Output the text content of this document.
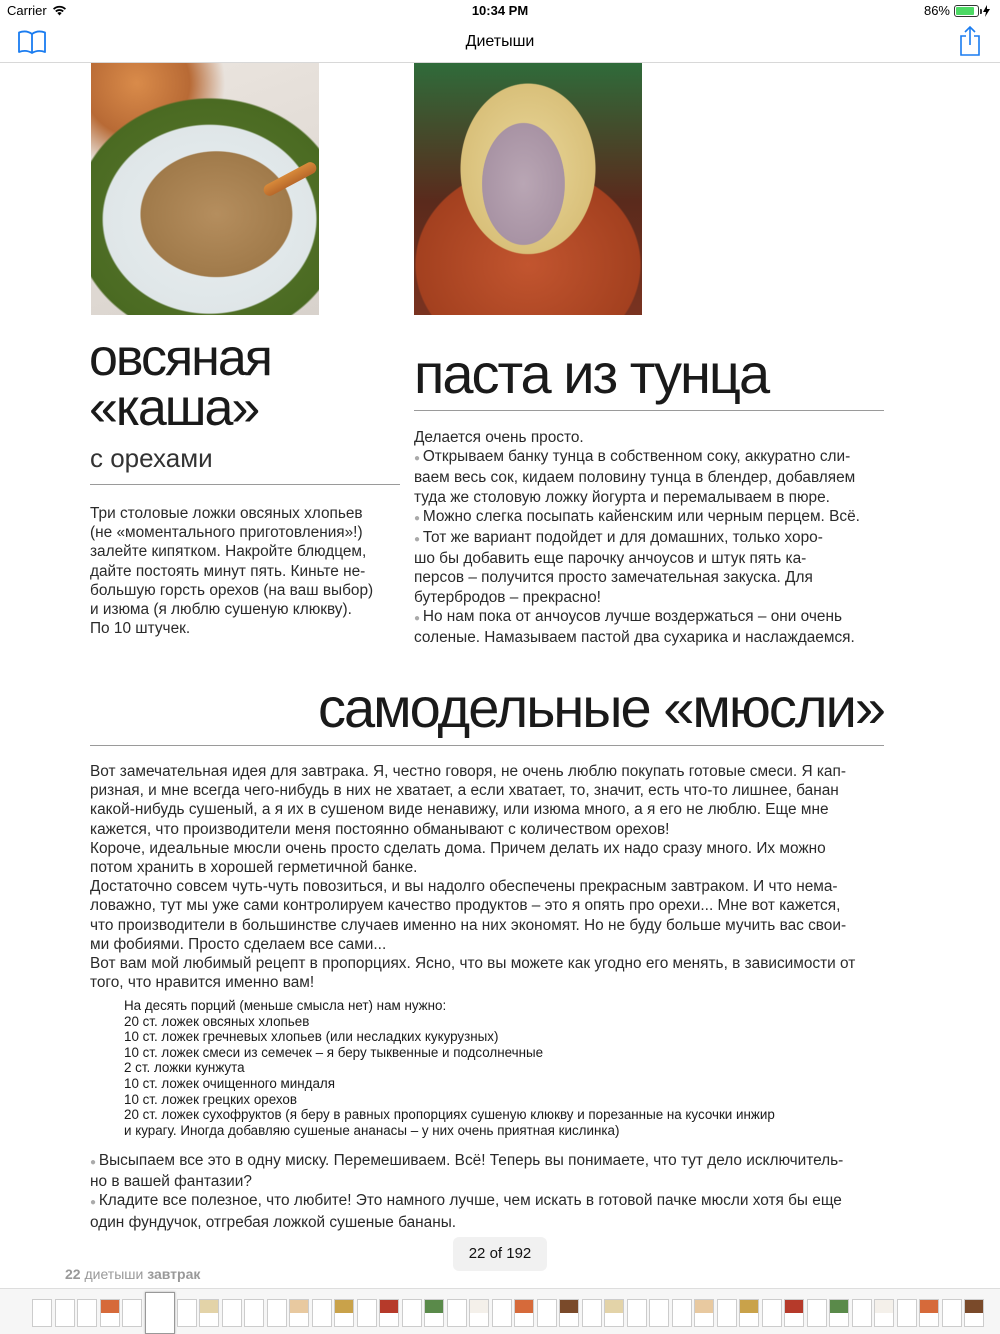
Carrier	10:34 PM	86%
Диетыши
овсяная
«каша»
с орехами

Три столовые ложки овсяных хлопьев

(не «моментального приготовления»!)

залейте кипятком. Накройте блюдцем,

дайте постоять минут пять. Киньте не-

большую горсть орехов (на ваш выбор)

и изюма (я люблю сушеную клюкву).

По 10 штучек.

паста из тунца

Делается очень просто.

● Открываем банку тунца в собственном соку, аккуратно сли-

ваем весь сок, кидаем половину тунца в блендер, добавляем

туда же столовую ложку йогурта и перемалываем в пюре.

● Можно слегка посыпать кайенским или черным перцем. Всё.

● Тот же вариант подойдет и для домашних, только хоро-

шо бы добавить еще парочку анчоусов и штук пять ка-

персов – получится просто замечательная закуска. Для

бутербродов – прекрасно!

● Но нам пока от анчоусов лучше воздержаться – они очень

соленые. Намазываем пастой два сухарика и наслаждаемся.

самодельные «мюсли»

Вот замечательная идея для завтрака. Я, честно говоря, не очень люблю покупать готовые смеси. Я кап-

ризная, и мне всегда чего-нибудь в них не хватает, а если хватает, то, значит, есть что-то лишнее, банан

какой-нибудь сушеный, а я их в сушеном виде ненавижу, или изюма много, а я его не люблю. Еще мне

кажется, что производители меня постоянно обманывают с количеством орехов!

Короче, идеальные мюсли очень просто сделать дома. Причем делать их надо сразу много. Их можно

потом хранить в хорошей герметичной банке.

Достаточно совсем чуть-чуть повозиться, и вы надолго обеспечены прекрасным завтраком. И что нема-

ловажно, тут мы уже сами контролируем качество продуктов – это я опять про орехи... Мне вот кажется,

что производители в большинстве случаев именно на них экономят. Но не буду больше мучить вас свои-

ми фобиями. Просто сделаем все сами...

Вот вам мой любимый рецепт в пропорциях. Ясно, что вы можете как угодно его менять, в зависимости от

того, что нравится именно вам!

На десять порций (меньше смысла нет) нам нужно:

20 ст. ложек овсяных хлопьев

10 ст. ложек гречневых хлопьев (или несладких кукурузных)

10 ст. ложек смеси из семечек – я беру тыквенные и подсолнечные

2 ст. ложки кунжута

10 ст. ложек очищенного миндаля

10 ст. ложек грецких орехов

20 ст. ложек сухофруктов (я беру в равных пропорциях сушеную клюкву и порезанные на кусочки инжир

и курагу. Иногда добавляю сушеные ананасы – у них очень приятная кислинка)

● Высыпаем все это в одну миску. Перемешиваем. Всё! Теперь вы понимаете, что тут дело исключитель-

но в вашей фантазии?

● Кладите все полезное, что любите! Это намного лучше, чем искать в готовой пачке мюсли хотя бы еще

один фундучок, отгребая ложкой сушеные бананы.

22 of 192
22 диетыши завтрак
